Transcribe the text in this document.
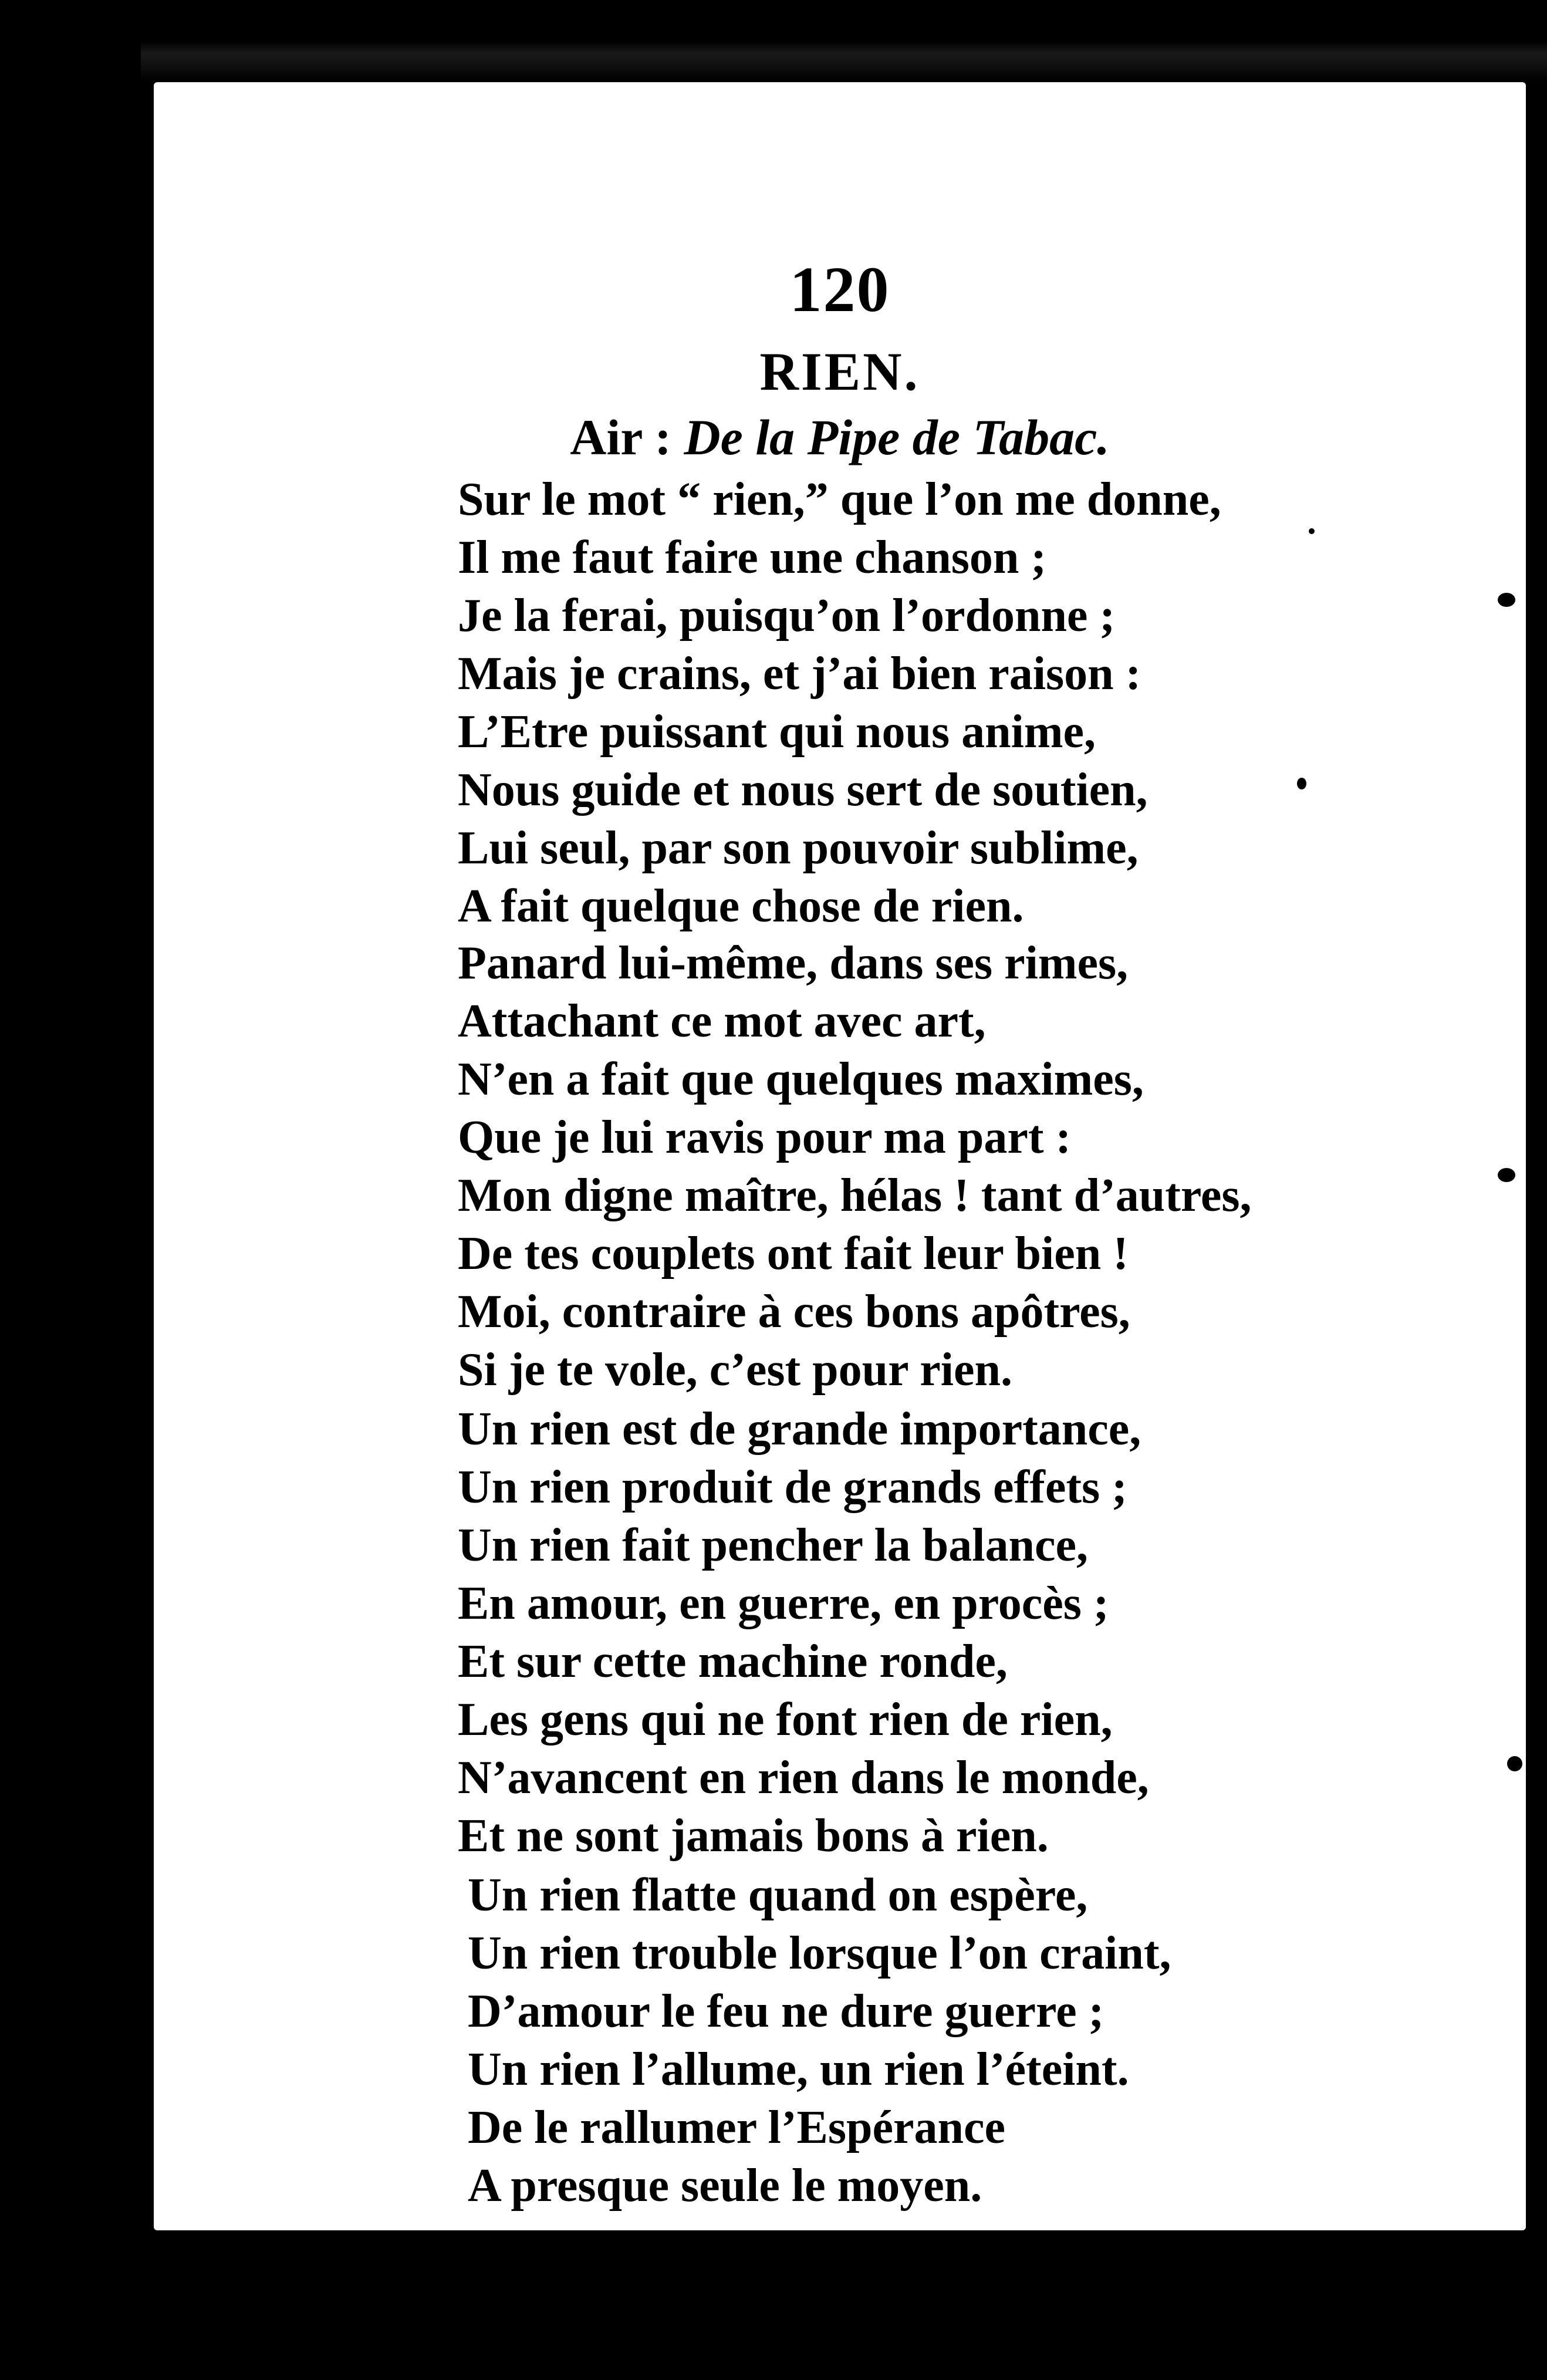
120
RIEN.
Air : De la Pipe de Tabac.
Sur le mot “ rien,” que l’on me donne,
Il me faut faire une chanson ;
Je la ferai, puisqu’on l’ordonne ;
Mais je crains, et j’ai bien raison :
L’Etre puissant qui nous anime,
Nous guide et nous sert de soutien,
Lui seul, par son pouvoir sublime,
A fait quelque chose de rien.
Panard lui-même, dans ses rimes,
Attachant ce mot avec art,
N’en a fait que quelques maximes,
Que je lui ravis pour ma part :
Mon digne maître, hélas ! tant d’autres,
De tes couplets ont fait leur bien !
Moi, contraire à ces bons apôtres,
Si je te vole, c’est pour rien.
Un rien est de grande importance,
Un rien produit de grands effets ;
Un rien fait pencher la balance,
En amour, en guerre, en procès ;
Et sur cette machine ronde,
Les gens qui ne font rien de rien,
N’avancent en rien dans le monde,
Et ne sont jamais bons à rien.
Un rien flatte quand on espère,
Un rien trouble lorsque l’on craint,
D’amour le feu ne dure guerre ;
Un rien l’allume, un rien l’éteint.
De le rallumer l’Espérance
A presque seule le moyen.
